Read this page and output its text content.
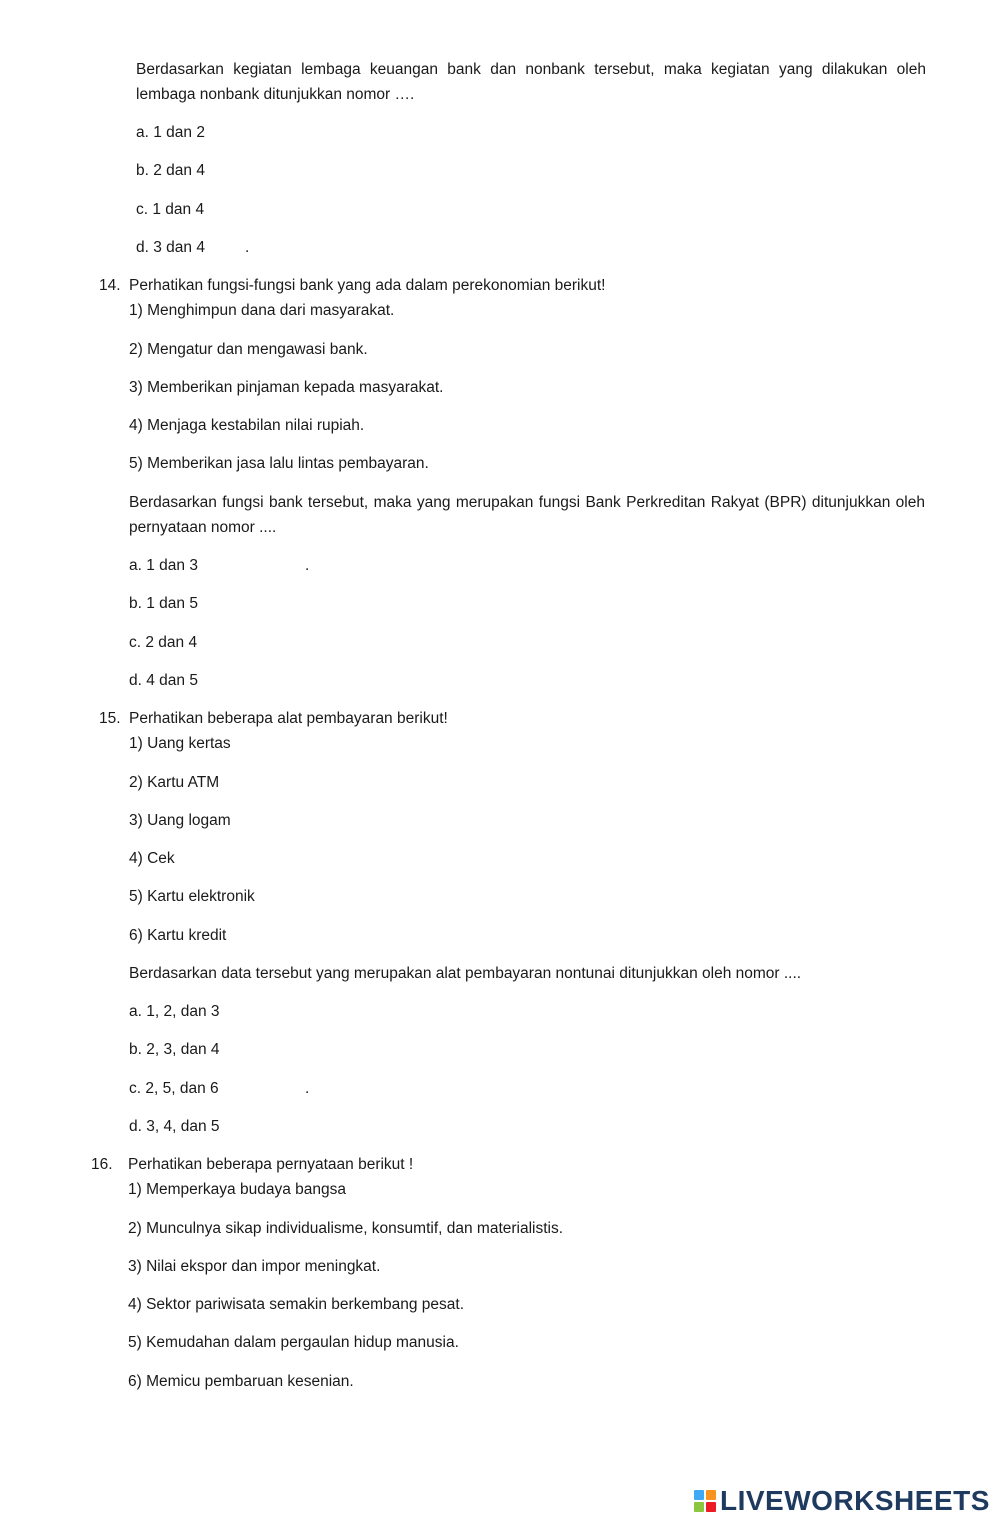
Berdasarkan kegiatan lembaga keuangan bank dan nonbank tersebut, maka kegiatan yang dilakukan oleh lembaga nonbank ditunjukkan nomor ….
a. 1 dan 2
b. 2 dan 4
c. 1 dan 4
d. 3 dan 4	.
14. Perhatikan fungsi-fungsi bank yang ada dalam perekonomian berikut!
1) Menghimpun dana dari masyarakat.
2) Mengatur dan mengawasi bank.
3) Memberikan pinjaman kepada masyarakat.
4) Menjaga kestabilan nilai rupiah.
5) Memberikan jasa lalu lintas pembayaran.
Berdasarkan fungsi bank tersebut, maka yang merupakan fungsi Bank Perkreditan Rakyat (BPR) ditunjukkan oleh pernyataan nomor ....
a. 1 dan 3	.
b. 1 dan 5
c. 2 dan 4
d. 4 dan 5
15. Perhatikan beberapa alat pembayaran berikut!
1) Uang kertas
2) Kartu ATM
3) Uang logam
4) Cek
5) Kartu elektronik
6) Kartu kredit
Berdasarkan data tersebut yang merupakan alat pembayaran nontunai ditunjukkan oleh nomor ....
a. 1, 2, dan 3
b. 2, 3, dan 4
c. 2, 5, dan 6	.
d. 3, 4, dan 5
16. Perhatikan beberapa pernyataan berikut !
1) Memperkaya budaya bangsa
2) Munculnya sikap individualisme, konsumtif, dan materialistis.
3) Nilai ekspor dan impor meningkat.
4) Sektor pariwisata semakin berkembang pesat.
5) Kemudahan dalam pergaulan hidup manusia.
6) Memicu pembaruan kesenian.
LIVEWORKSHEETS
